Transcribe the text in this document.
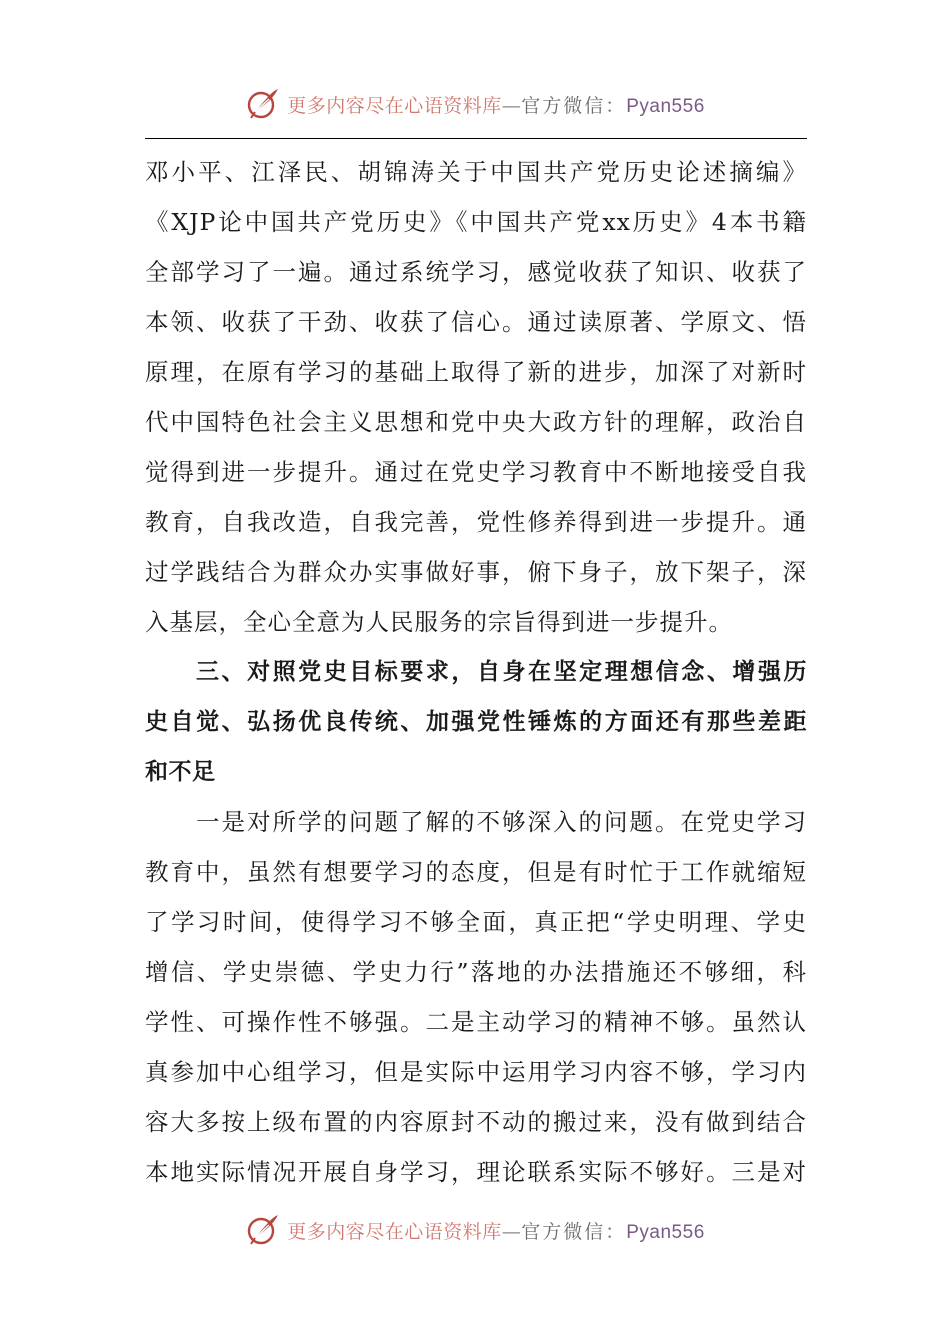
更多内容尽在心语资料库—官方微信：Pyan556
邓小平、江泽民、胡锦涛关于中国共产党历史论述摘编》
《XJP论中国共产党历史》《中国共产党xx历史》4本书籍
全部学习了一遍。通过系统学习，感觉收获了知识、收获了
本领、收获了干劲、收获了信心。通过读原著、学原文、悟
原理，在原有学习的基础上取得了新的进步，加深了对新时
代中国特色社会主义思想和党中央大政方针的理解，政治自
觉得到进一步提升。通过在党史学习教育中不断地接受自我
教育，自我改造，自我完善，党性修养得到进一步提升。通
过学践结合为群众办实事做好事，俯下身子，放下架子，深
入基层，全心全意为人民服务的宗旨得到进一步提升。
三、对照党史目标要求，自身在坚定理想信念、增强历
史自觉、弘扬优良传统、加强党性锤炼的方面还有那些差距
和不足
一是对所学的问题了解的不够深入的问题。在党史学习
教育中，虽然有想要学习的态度，但是有时忙于工作就缩短
了学习时间，使得学习不够全面，真正把“学史明理、学史
增信、学史崇德、学史力行”落地的办法措施还不够细，科
学性、可操作性不够强。二是主动学习的精神不够。虽然认
真参加中心组学习，但是实际中运用学习内容不够，学习内
容大多按上级布置的内容原封不动的搬过来，没有做到结合
本地实际情况开展自身学习，理论联系实际不够好。三是对
更多内容尽在心语资料库—官方微信：Pyan556
